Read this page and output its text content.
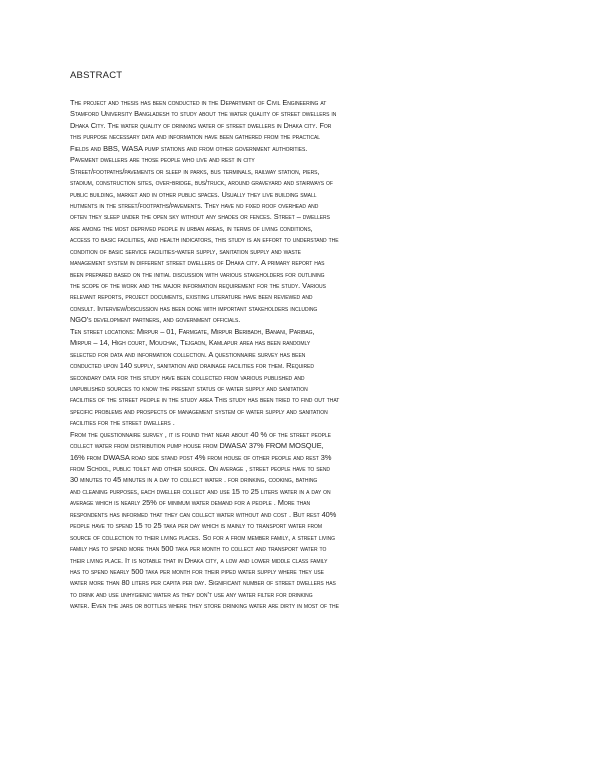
ABSTRACT
The project and thesis has been conducted in the Department of Civil Engineering at
Stamford University Bangladesh to study about the water quality of street dwellers in
Dhaka City. The water quality of drinking water of street dwellers in Dhaka city. For
this purpose necessary data and information have been gathered from the practical
Fields and BBS, WASA pump stations and from other government authorities.
Pavement dwellers are those people who live and rest in city
Street/footpaths/pavements or sleep in parks, bus terminals, railway station, piers,
stadium, construction sites, over-bridge, bus/truck, around graveyard and stairways of
public building, market and in other public spaces. Usually they live building small
hutments in the street/footpaths/pavements. They have no fixed roof overhead and
often they sleep under the open sky without any shades or fences. Street – dwellers
are among the most deprived people in urban areas, in terms of living conditions,
access to basic facilities, and health indicators, this study is an effort to understand the
condition of basic service facilities-water supply, sanitation supply and waste
management system in different street dwellers of Dhaka city. A primary report has
been prepared based on the initial discussion with various stakeholders for outlining
the scope of the work and the major information requirement for the study. Various
relevant reports, project documents, existing literature have been reviewed and
consult. Interview/discussion has been done with important stakeholders including
NGO’s development partners, and government officials.
Ten street locations: Mirpur – 01, Farmgate, Mirpur Beribadh, Banani, Paribag,
Mirpur – 14, High court, Mouchak, Tejgaon, Kamlapur area has been randomly
selected for data and information collection. A questionnaire survey has been
conducted upon 140 supply, sanitation and drainage facilities for them. Required
secondary data for this study have been collected from various published and
unpublished sources to know the present status of water supply and sanitation
facilities of the street people in the study area This study has been tried to find out that
specific problems and prospects of management system of water supply and sanitation
facilities for the street dwellers .
From the questionnaire survey , it is found that near about 40 % of the street people
collect water from distribution pump house from DWASA’ 37% FROM MOSQUE,
16% from DWASA road side stand post 4% from house of other people and rest 3%
from School, public toilet and other source. On average , street people have to send
30 minutes to 45 minutes in a day to collect water . for drinking, cooking, bathing
and cleaning purposes, each dweller collect and use 15 to 25 liters water in a day on
average which is nearly 25% of minimum water demand for a people . More than
respondents has informed that they can collect water without and cost . But rest 40%
people have to spend 15 to 25 taka per day which is mainly to transport water from
source of collection to their living places. So for a from member family, a street living
family has to spend more than 500 taka per month to collect and transport water to
their living place. It is notable that in Dhaka city, a low and lower middle class family
has to spend nearly 500 taka per month for their piped water supply where they use
water more than 80 liters per capita per day. Significant number of street dwellers has
to drink and use unhygienic water as they don’t use any water filter for drinking
water. Even the jars or bottles where they store drinking water are dirty in most of the
